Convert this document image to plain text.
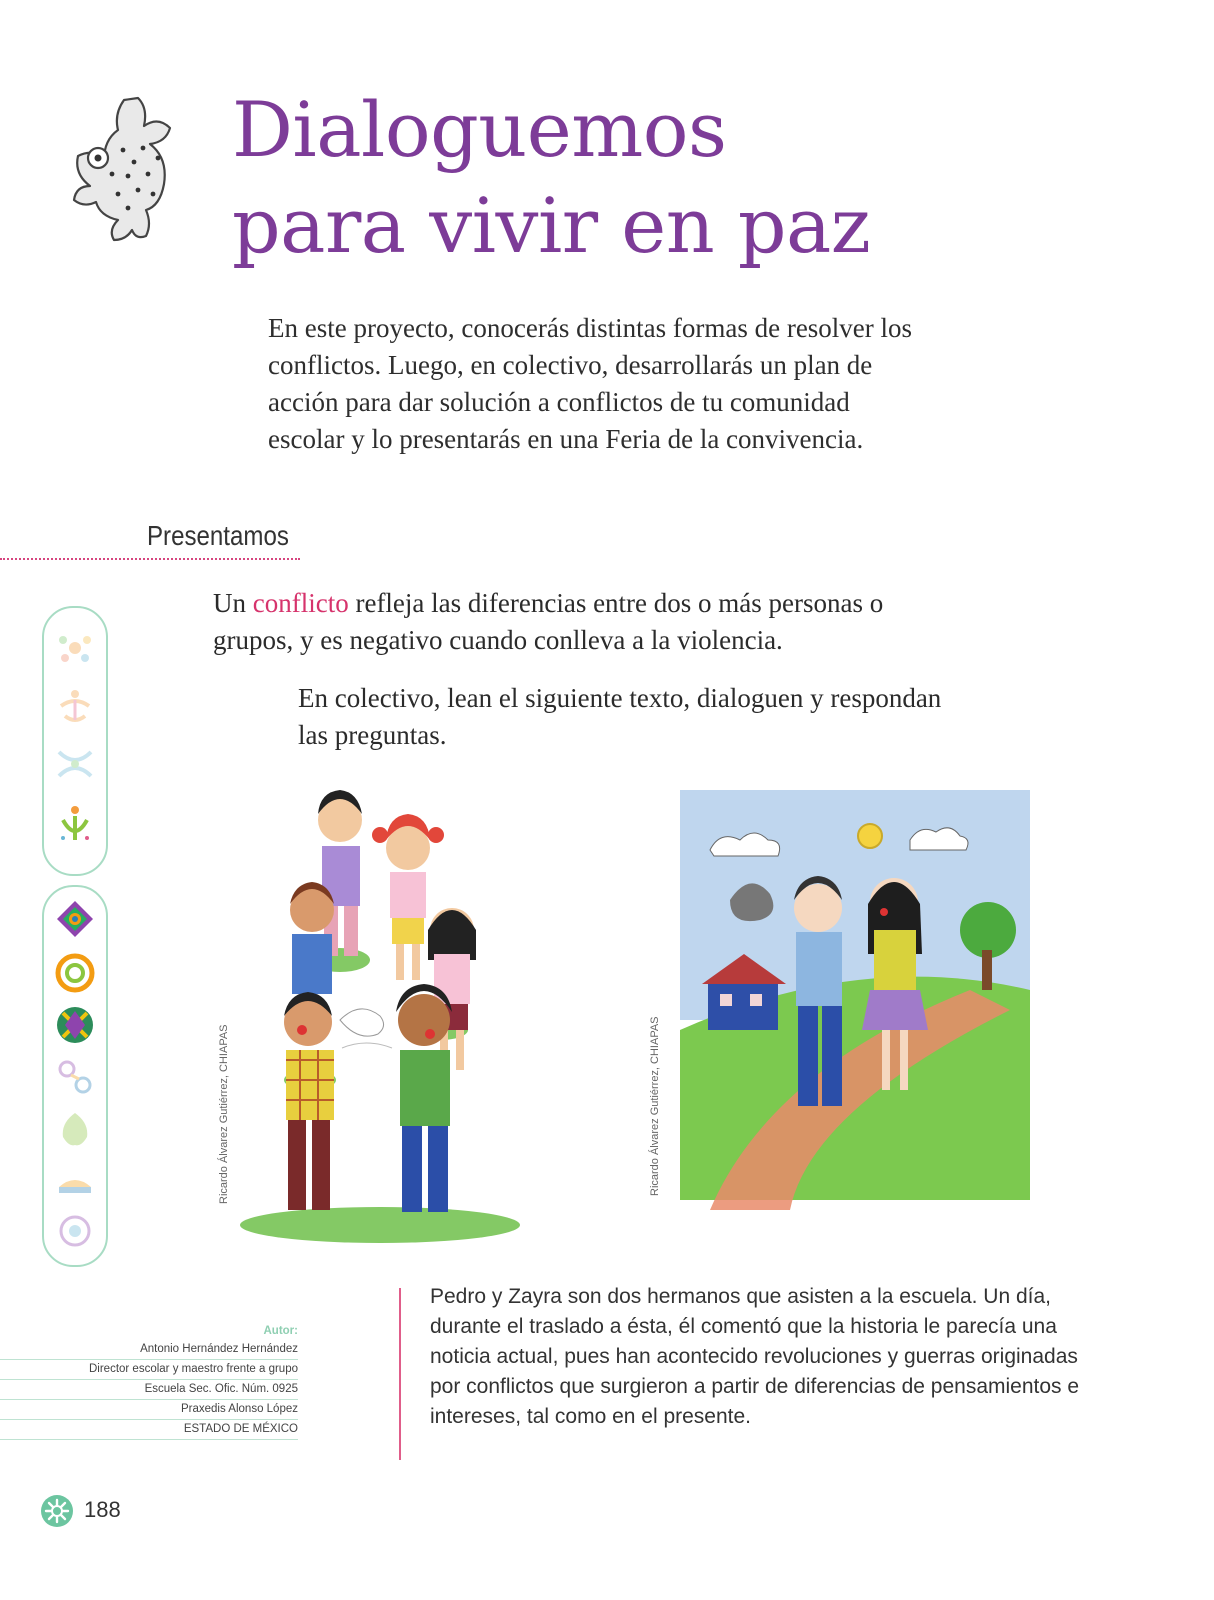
Dialoguemos
para vivir en paz

En este proyecto, conocerás distintas formas de resolver los conflictos. Luego, en colectivo, desarrollarás un plan de acción para dar solución a conflictos de tu comunidad escolar y lo presentarás en una Feria de la convivencia.

Presentamos

Un conflicto refleja las diferencias entre dos o más personas o grupos, y es negativo cuando conlleva a la violencia.

En colectivo, lean el siguiente texto, dialoguen y respondan las preguntas.

Ricardo Álvarez Gutiérrez, CHIAPAS	Ricardo Álvarez Gutiérrez, CHIAPAS
Autor:
Antonio Hernández Hernández
Director escolar y maestro frente a grupo
Escuela Sec. Ofic. Núm. 0925
Praxedis Alonso López
ESTADO DE MÉXICO

Pedro y Zayra son dos hermanos que asisten a la escuela. Un día, durante el traslado a ésta, él comentó que la historia le parecía una noticia actual, pues han acontecido revoluciones y guerras originadas por conflictos que surgieron a partir de diferencias de pensamientos e intereses, tal como en el presente.

188
